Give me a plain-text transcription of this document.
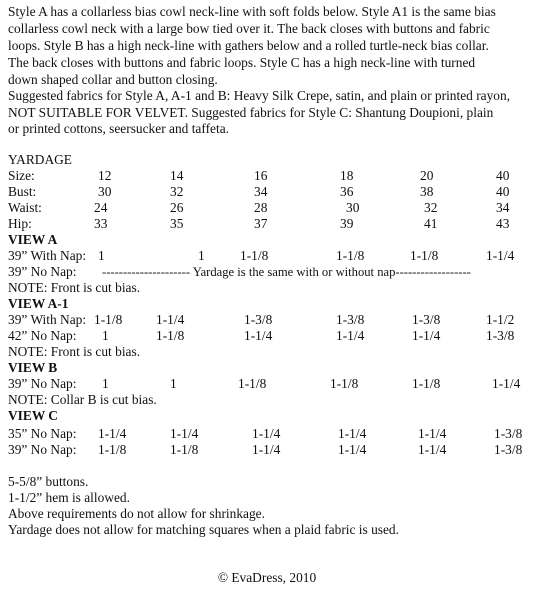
Style A has a collarless bias cowl neck-line with soft folds below. Style A1 is the same bias
collarless cowl neck with a large bow tied over it. The back closes with buttons and fabric
loops. Style B has a high neck-line with gathers below and a rolled turtle-neck bias collar.
The back closes with buttons and fabric loops. Style C has a high neck-line with turned
down shaped collar and button closing.
Suggested fabrics for Style A, A-1 and B: Heavy Silk Crepe, satin, and plain or printed rayon,
NOT SUITABLE FOR VELVET. Suggested fabrics for Style C: Shantung Doupioni, plain
or printed cottons, seersucker and taffeta.
YARDAGE
Size:	12	14	16	18	20	40
Bust:	30	32	34	36	38	40
Waist:	24	26	28	30	32	34
Hip:	33	35	37	39	41	43
VIEW A
39” With Nap: 1	1	1-1/8	1-1/8	1-1/8	1-1/4
39” No Nap: --------------------- Yardage is the same with or without nap------------------
NOTE: Front is cut bias.
VIEW A-1
39” With Nap: 1-1/8	1-1/4	1-3/8	1-3/8	1-3/8	1-1/2
42” No Nap: 1	1-1/8	1-1/4	1-1/4	1-1/4	1-3/8
NOTE: Front is cut bias.
VIEW B
39” No Nap: 1	1	1-1/8	1-1/8	1-1/8	1-1/4
NOTE: Collar B is cut bias.
VIEW C
35” No Nap: 1-1/4	1-1/4	1-1/4	1-1/4	1-1/4	1-3/8
39” No Nap: 1-1/8	1-1/8	1-1/4	1-1/4	1-1/4	1-3/8
5-5/8” buttons.
1-1/2” hem is allowed.
Above requirements do not allow for shrinkage.
Yardage does not allow for matching squares when a plaid fabric is used.
© EvaDress, 2010
